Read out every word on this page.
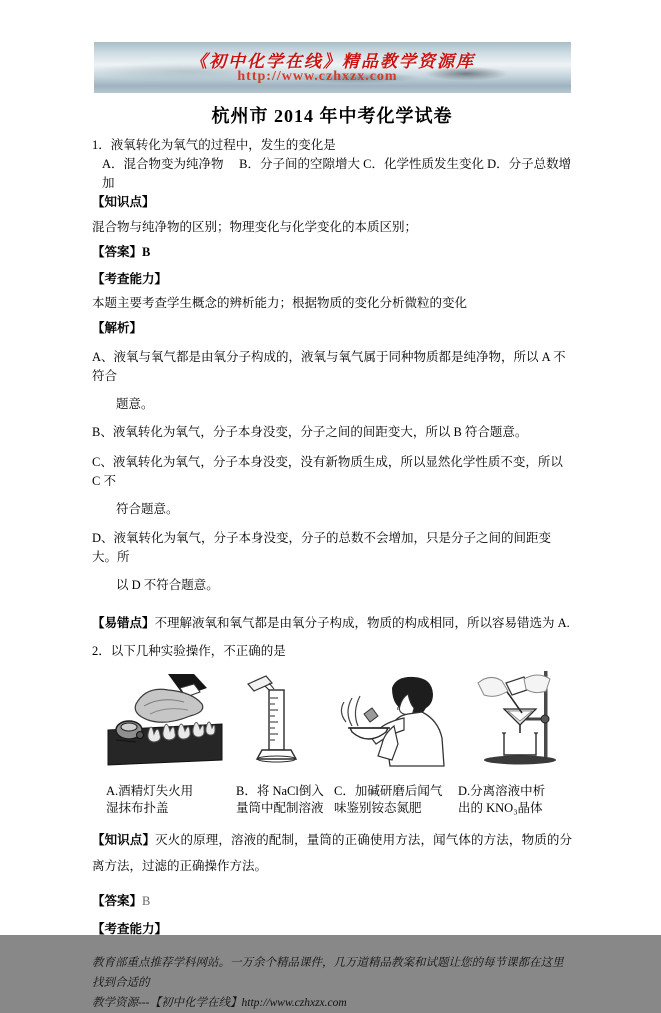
《初中化学在线》精品教学资源库
http://www.czhxzx.com
杭州市 2014 年中考化学试卷
1．液氧转化为氧气的过程中，发生的变化是
A．混合物变为纯净物　 B．分子间的空隙增大 C．化学性质发生变化 D．分子总数增加
【知识点】
混合物与纯净物的区别；物理变化与化学变化的本质区别；
【答案】B
【考查能力】
本题主要考查学生概念的辨析能力；根据物质的变化分析微粒的变化
【解析】
A、液氧与氧气都是由氧分子构成的，液氧与氧气属于同种物质都是纯净物，所以 A 不符合
题意。
B、液氧转化为氧气，分子本身没变，分子之间的间距变大，所以 B 符合题意。
C、液氧转化为氧气，分子本身没变，没有新物质生成，所以显然化学性质不变，所以 C 不
符合题意。
D、液氧转化为氧气，分子本身没变，分子的总数不会增加，只是分子之间的间距变大。所
以 D 不符合题意。
【易错点】不理解液氧和氧气都是由氧分子构成，物质的构成相同，所以容易错选为 A.
2．以下几种实验操作，不正确的是
A.酒精灯失火用
湿抹布扑盖
B．将 NaCl倒入
量筒中配制溶液
C．加碱研磨后闻气
味鉴别铵态氮肥
D.分离溶液中析
出的 KNO₃晶体

【知识点】灭火的原理，溶液的配制，量筒的正确使用方法，闻气体的方法，物质的分离方法，过滤的正确操作方法。

【答案】B
【考查能力】
教育部重点推荐学科网站。一万余个精品课件，几万道精品教案和试题让您的每节课都在这里找到合适的
教学资源---【初中化学在线】http://www.czhxzx.com
